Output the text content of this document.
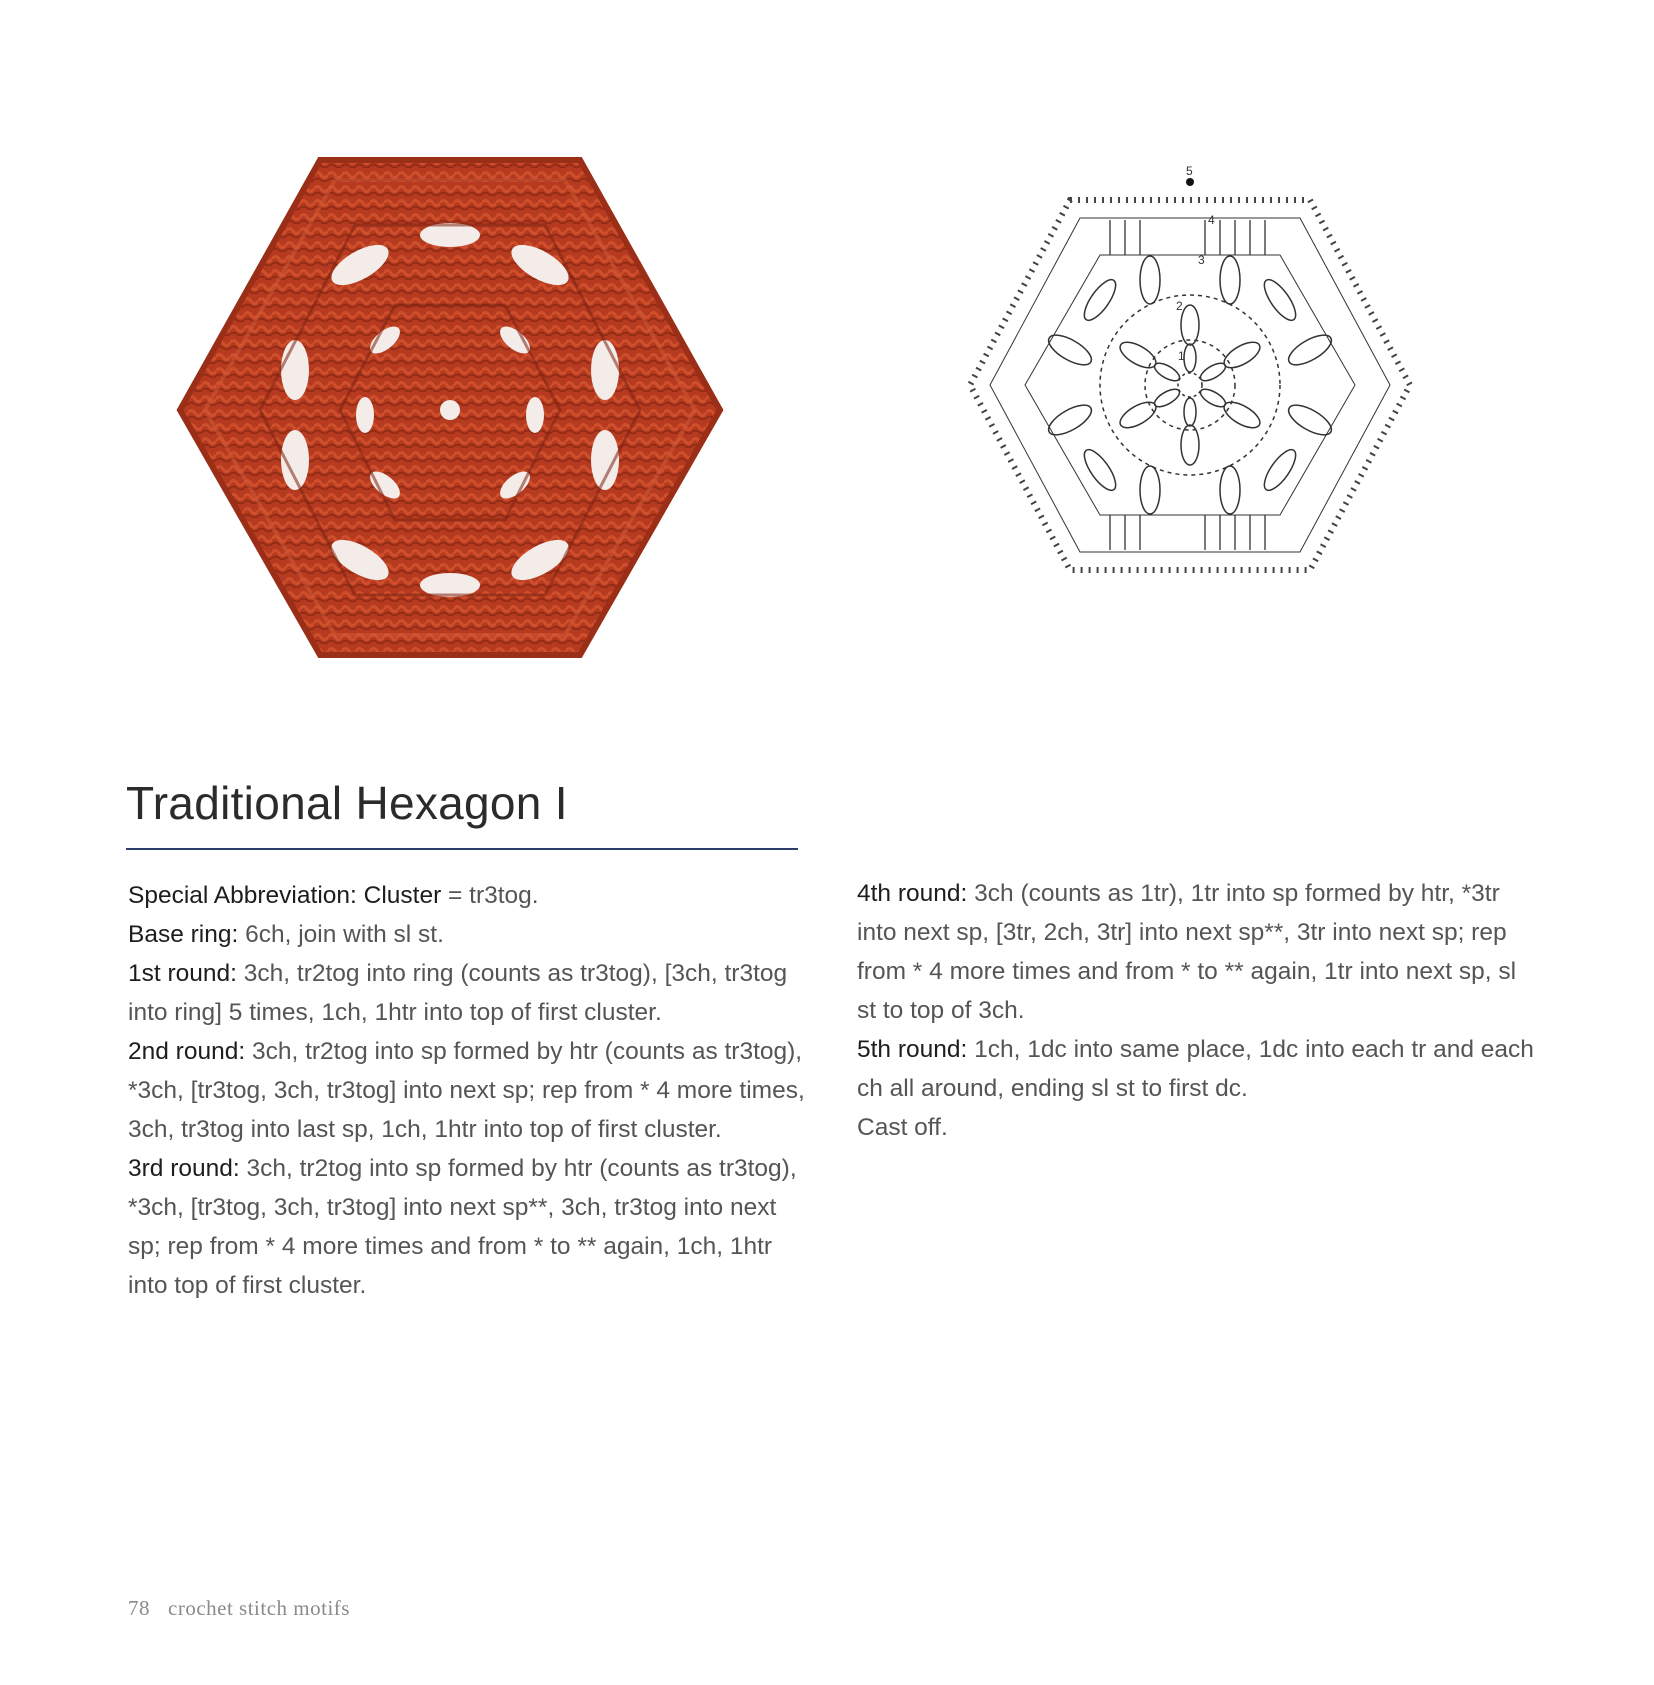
5
4
3
2
1
Traditional Hexagon I

Special Abbreviation: Cluster = tr3tog.

Base ring: 6ch, join with sl st.

1st round: 3ch, tr2tog into ring (counts as tr3tog), [3ch, tr3tog into ring] 5 times, 1ch, 1htr into top of first cluster.

2nd round: 3ch, tr2tog into sp formed by htr (counts as tr3tog), *3ch, [tr3tog, 3ch, tr3tog] into next sp; rep from * 4 more times, 3ch, tr3tog into last sp, 1ch, 1htr into top of first cluster.

3rd round: 3ch, tr2tog into sp formed by htr (counts as tr3tog), *3ch, [tr3tog, 3ch, tr3tog] into next sp**, 3ch, tr3tog into next sp; rep from * 4 more times and from * to ** again, 1ch, 1htr into top of first cluster.

4th round: 3ch (counts as 1tr), 1tr into sp formed by htr, *3tr into next sp, [3tr, 2ch, 3tr] into next sp**, 3tr into next sp; rep from * 4 more times and from * to ** again, 1tr into next sp, sl st to top of 3ch.

5th round: 1ch, 1dc into same place, 1dc into each tr and each ch all around, ending sl st to first dc.

Cast off.

78 crochet stitch motifs
